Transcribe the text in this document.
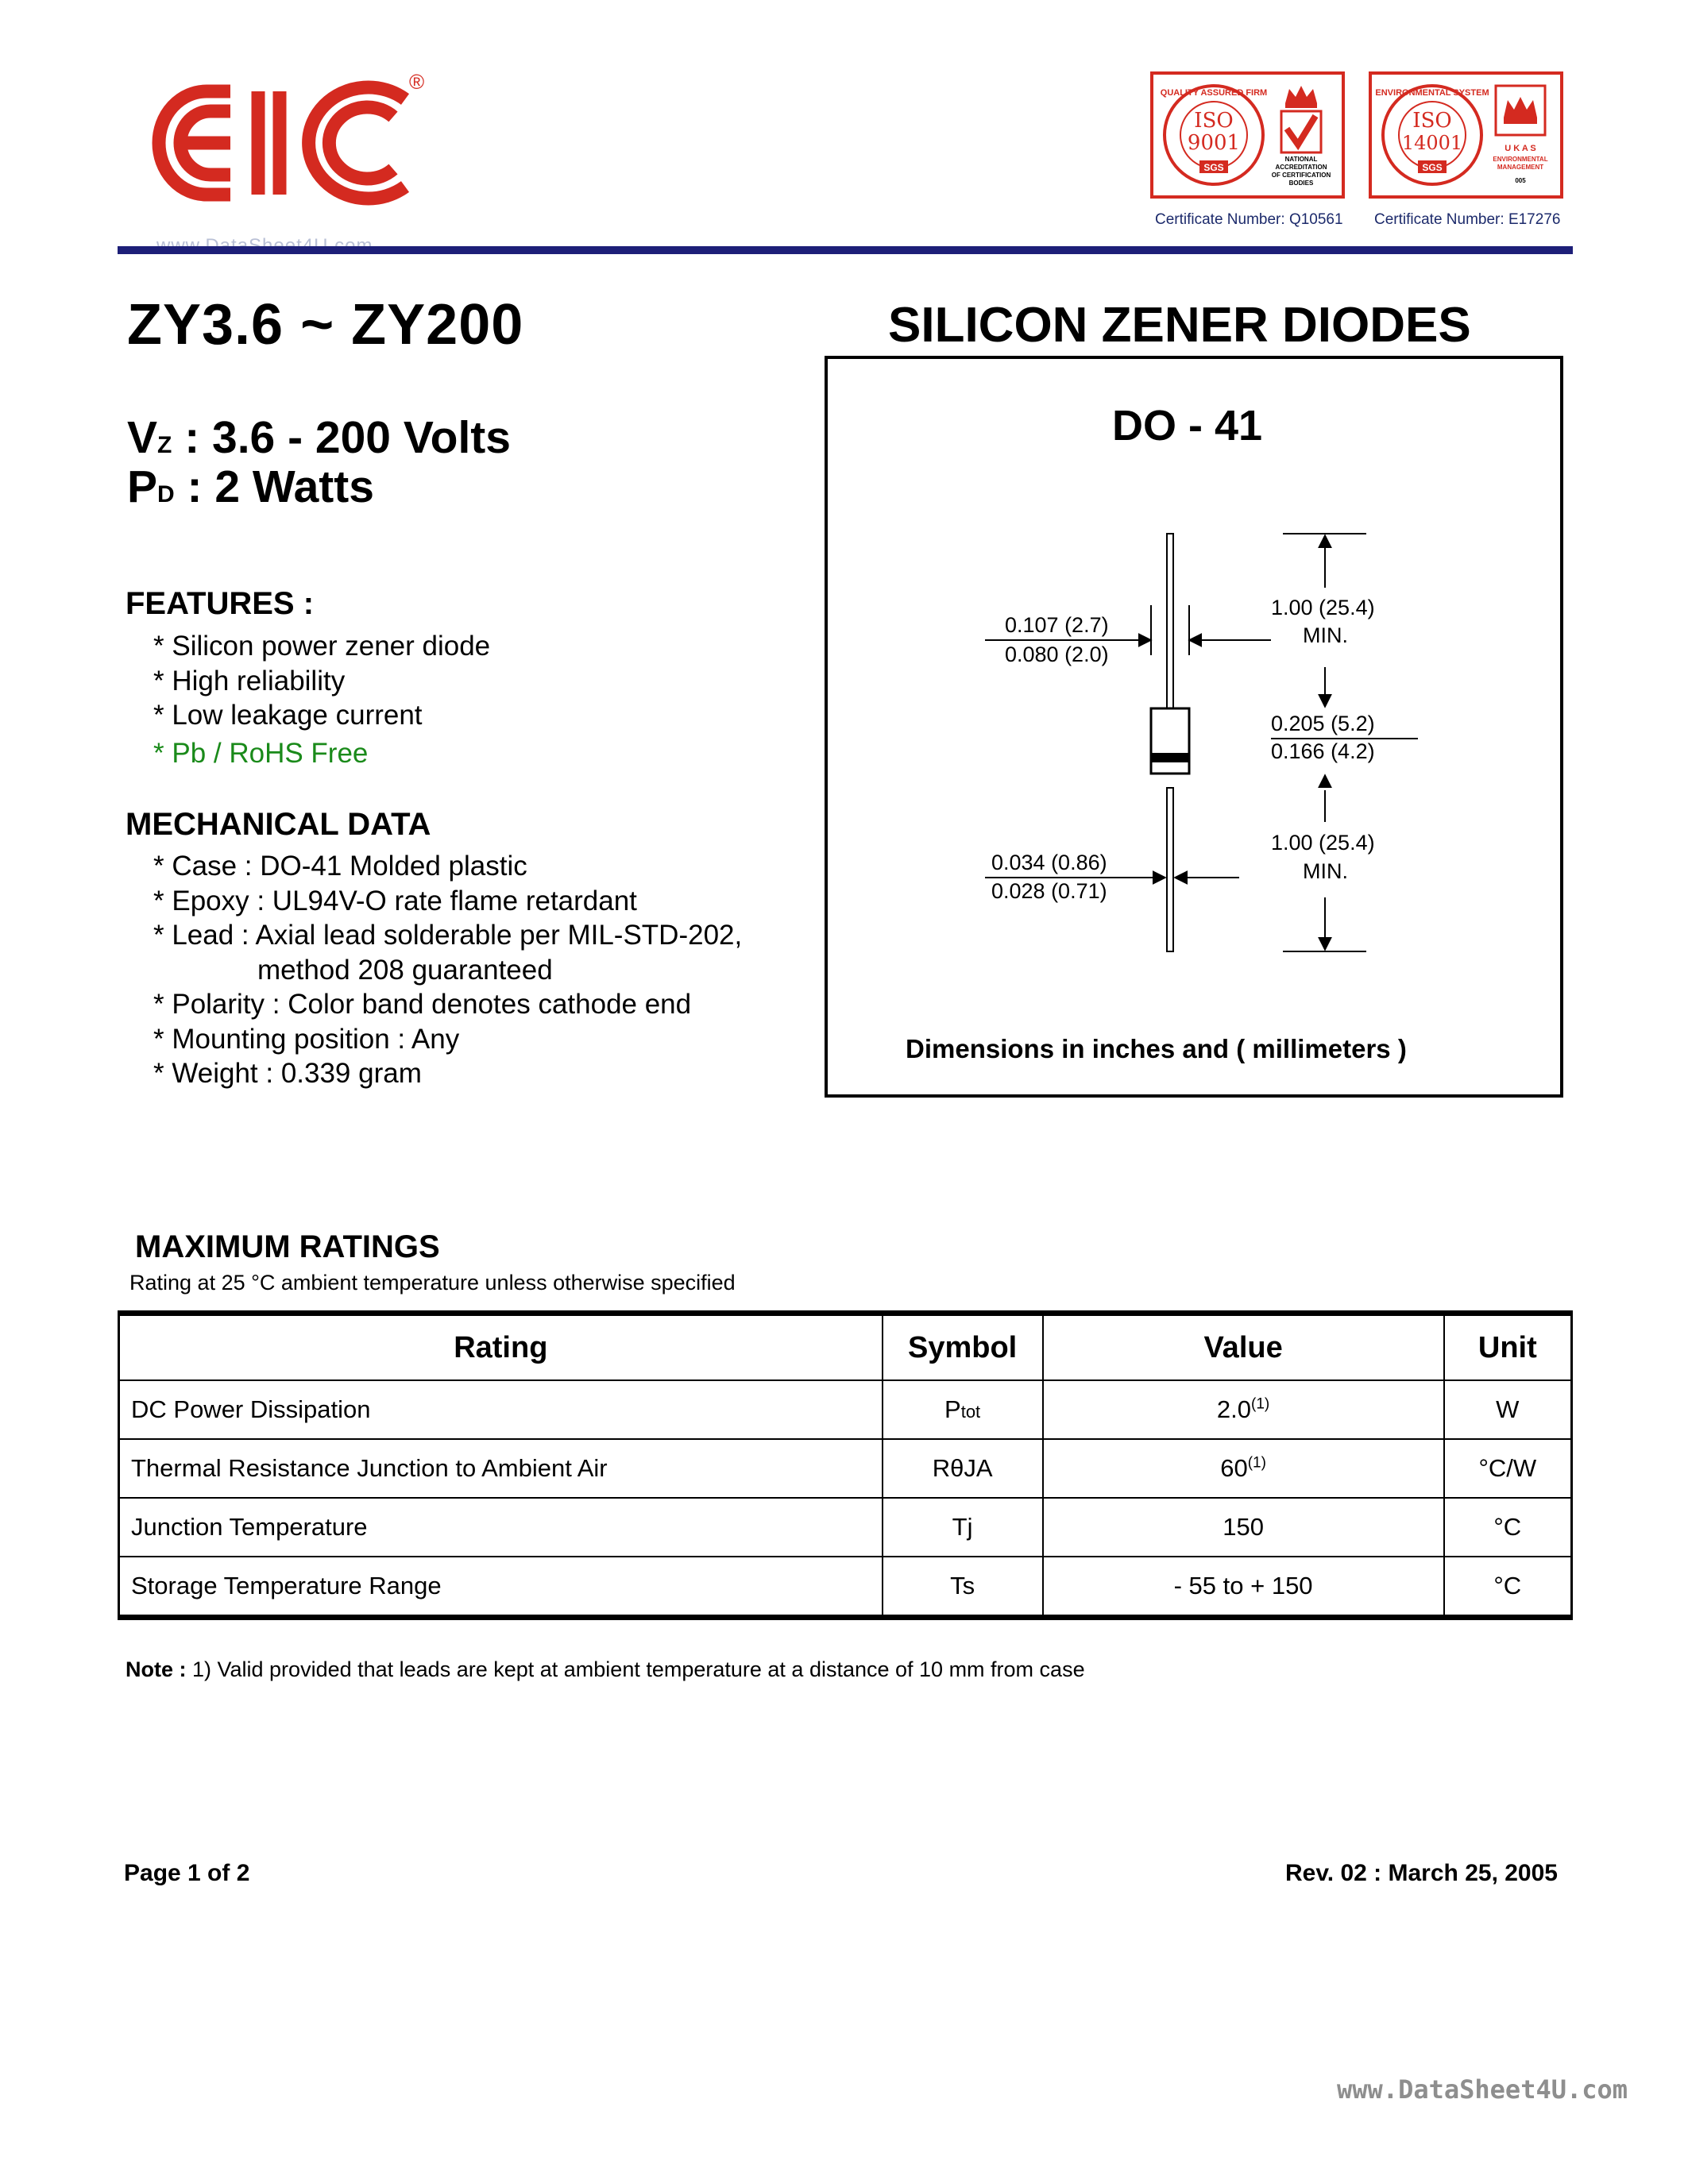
EIC
®	QUALITY ASSURED FIRM
ISO
9001
SGS
NATIONAL
ACCREDITATION
OF CERTIFICATION
BODIES
Certificate Number: Q10561
ENVIRONMENTAL SYSTEM
ISO
14001
SGS
U K A S
ENVIRONMENTAL
MANAGEMENT
005
Certificate Number: E17276
ZY3.6 ~ ZY200	SILICON ZENER DIODES
VZ : 3.6 - 200 Volts
PD : 2 Watts
FEATURES :
* Silicon power zener diode
* High reliability
* Low leakage current
* Pb / RoHS Free
MECHANICAL DATA
* Case : DO-41 Molded plastic
* Epoxy : UL94V-O rate flame retardant
* Lead : Axial lead solderable per MIL-STD-202,
method 208 guaranteed
* Polarity : Color band denotes cathode end
* Mounting position : Any
* Weight : 0.339 gram
DO - 41
0.107 (2.7)
0.080 (2.0)
1.00 (25.4)
MIN.
0.205 (5.2)
0.166 (4.2)
0.034 (0.86)
0.028 (0.71)
1.00 (25.4)
MIN.
Dimensions in inches and ( millimeters )
MAXIMUM RATINGS
Rating at 25 °C ambient temperature unless otherwise specified
Rating	Symbol	Value	Unit
DC Power Dissipation	Ptot	2.0$^{(1)}$	W
Thermal Resistance Junction to Ambient Air	RθJA	60$^{(1)}$	°C/W
Junction Temperature	Tj	150	°C
Storage Temperature Range	Ts	- 55 to + 150	°C
Note : 1) Valid provided that leads are kept at ambient temperature at a distance of 10 mm from case
Page 1 of 2	Rev. 02 : March 25, 2005
www.DataSheet4U.com
